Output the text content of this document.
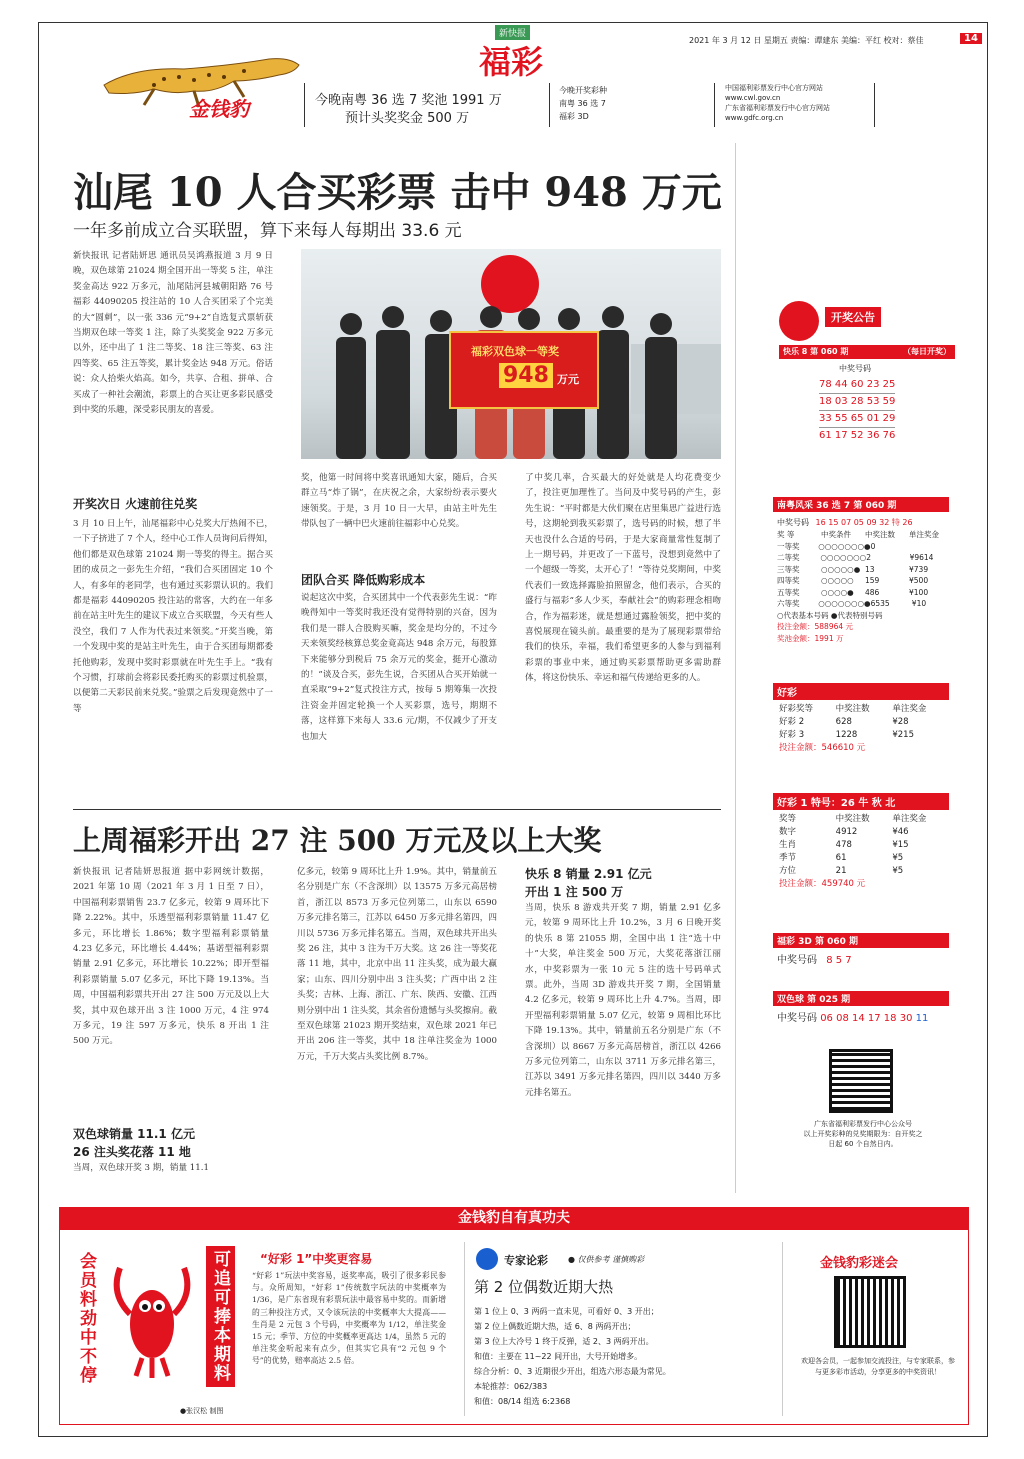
金钱豹
新快报
福彩
今晚南粤 36 选 7 奖池 1991 万
预计头奖奖金 500 万
今晚开奖彩种
南粤 36 选 7
福彩 3D
中国福利彩票发行中心官方网站
www.cwl.gov.cn
广东省福利彩票发行中心官方网站
www.gdfc.org.cn
2021 年 3 月 12 日 星期五 责编：谭建东 美编：平红 校对：蔡佳	14
汕尾 10 人合买彩票 击中 948 万元
一年多前成立合买联盟，算下来每人每期出 33.6 元
新快报讯 记者陆妍思 通讯员吴鸿燕报道 3 月 9 日晚，双色球第 21024 期全国开出一等奖 5 注，单注奖金高达 922 万多元，汕尾陆河县城朝阳路 76 号福彩 44090205 投注站的 10 人合买团采了个完美的大“圆刺”，以一张 336 元“9+2”自选复式票斩获当期双色球一等奖 1 注，除了头奖奖金 922 万多元以外，还中出了 1 注二等奖、18 注三等奖、63 注四等奖、65 注五等奖，累计奖金达 948 万元。俗话说：众人拾柴火焰高。如今，共享、合租、拼单、合买成了一种社会潮流，彩票上的合买让更多彩民感受到中奖的乐趣，深受彩民朋友的喜爱。
开奖次日 火速前往兑奖
3 月 10 日上午，汕尾福彩中心兑奖大厅热闹不已，一下子挤进了 7 个人，经中心工作人员询问后得知，他们都是双色球第 21024 期一等奖的得主。据合买团的成员之一彭先生介绍，“我们合买团固定 10 个人，有多年的老同学，也有通过买彩票认识的。我们都是福彩 44090205 投注站的常客，大约在一年多前在站主叶先生的建议下成立合买联盟，今天有些人没空，我们 7 人作为代表过来领奖。”开奖当晚，第一个发现中奖的是站主叶先生，由于合买团每期都委托他购彩，发现中奖时彩票就在叶先生手上。“我有个习惯，打球前会将彩民委托购买的彩票过机验票，以便第二天彩民前来兑奖。”验票之后发现竟然中了一等
福彩双色球一等奖
948 万元
奖，他第一时间将中奖喜讯通知大家，随后，合买群立马“炸了锅”，在庆祝之余，大家纷纷表示要火速领奖。于是，3 月 10 日一大早，由站主叶先生带队包了一辆中巴火速前往福彩中心兑奖。
团队合买 降低购彩成本
说起这次中奖，合买团其中一个代表彭先生说：“昨晚得知中一等奖时我还没有觉得特别的兴奋，因为我们是一群人合股购买嘛，奖金是均分的，不过今天来领奖经核算总奖金竟高达 948 余万元，每股算下来能够分到税后 75 余万元的奖金，挺开心激动的！”谈及合买，彭先生说，合买团从合买开始就一直采取“9+2”复式投注方式，按每 5 期筹集一次投注资金并固定轮换一个人买彩票，选号，期期不落，这样算下来每人 33.6 元/期，不仅减少了开支也加大
了中奖几率，合买最大的好处就是人均花费变少了，投注更加理性了。当问及中奖号码的产生，彭先生说：“平时都是大伙们聚在店里集思广益进行选号，这期轮到我买彩票了，选号码的时候，想了半天也没什么合适的号码，于是大家商量常性复制了上一期号码，并更改了一下蓝号，没想到竟然中了一个超级一等奖，太开心了！”等待兑奖期间，中奖代表们一致选择露脸拍照留念，他们表示，合买的盛行与福彩“多人少买，奉献社会”的购彩理念相吻合，作为福彩迷，就是想通过露脸领奖，把中奖的喜悦展现在镜头前。最重要的是为了展现彩票带给我们的快乐，幸福，我们希望更多的人参与到福利彩票的事业中来，通过购买彩票帮助更多需助群体，将这份快乐、幸运和福气传递给更多的人。
上周福彩开出 27 注 500 万元及以上大奖
新快报讯 记者陆妍思报道 据中彩网统计数据，2021 年第 10 周（2021 年 3 月 1 日至 7 日），中国福利彩票销售 23.7 亿多元，较第 9 周环比下降 2.22%。其中，乐透型福利彩票销量 11.47 亿多元，环比增长 1.86%；数字型福利彩票销量 4.23 亿多元，环比增长 4.44%；基诺型福利彩票销量 2.91 亿多元，环比增长 10.22%；即开型福利彩票销量 5.07 亿多元，环比下降 19.13%。当周，中国福利彩票共开出 27 注 500 万元及以上大奖，其中双色球开出 3 注 1000 万元，4 注 974 万多元，19 注 597 万多元，快乐 8 开出 1 注 500 万元。
双色球销量 11.1 亿元
26 注头奖花落 11 地
当周，双色球开奖 3 期，销量 11.1
亿多元，较第 9 周环比上升 1.9%。其中，销量前五名分别是广东（不含深圳）以 13575 万多元高居榜首，浙江以 8573 万多元位列第二，山东以 6590 万多元排名第三，江苏以 6450 万多元排名第四，四川以 5736 万多元排名第五。当周，双色球共开出头奖 26 注，其中 3 注为千万大奖。这 26 注一等奖花落 11 地，其中，北京中出 11 注头奖，成为最大赢家；山东、四川分别中出 3 注头奖；广西中出 2 注头奖；吉林、上海、浙江、广东、陕西、安徽、江西则分别中出 1 注头奖，其余省份遗憾与头奖擦肩。截至双色球第 21023 期开奖结束，双色球 2021 年已开出 206 注一等奖，其中 18 注单注奖金为 1000 万元，千万大奖占头奖比例 8.7%。
快乐 8 销量 2.91 亿元
开出 1 注 500 万
当周，快乐 8 游戏共开奖 7 期，销量 2.91 亿多元，较第 9 周环比上升 10.2%，3 月 6 日晚开奖的快乐 8 第 21055 期，全国中出 1 注“选十中十”大奖，单注奖金 500 万元，大奖花落浙江丽水，中奖彩票为一张 10 元 5 注的选十号码单式票。此外，当周 3D 游戏共开奖 7 期，全国销量 4.2 亿多元，较第 9 周环比上升 4.7%。当周，即开型福利彩票销量 5.07 亿元，较第 9 周相比环比下降 19.13%。其中，销量前五名分别是广东（不含深圳）以 8667 万多元高居榜首，浙江以 4266 万多元位列第二，山东以 3711 万多元排名第三，江苏以 3491 万多元排名第四，四川以 3440 万多元排名第五。
开奖公告
快乐 8 第 060 期	（每日开奖）
中奖号码
78 44 60 23 25
18 03 28 53 59
33 55 65 01 29
61 17 52 36 76
南粤风采 36 选 7 第 060 期
中奖号码 16 15 07 05 09 32 特 26
奖 等	中奖条件	中奖注数	单注奖金
一等奖	○○○○○○○● 0
二等奖	○○○○○○○ 2	¥9614
三等奖	○○○○○● 13	¥739
四等奖	○○○○○	159	¥500
五等奖	○○○○●	486	¥100
六等奖	○○○○○○○● 6535	¥10
○代表基本号码 ●代表特别号码
投注金额：588964 元
奖池金额：1991 万
好彩
好彩奖等	中奖注数	单注奖金
好彩 2	628	¥28
好彩 3	1228	¥215
投注金额：546610 元
好彩 1 特号：26 牛 秋 北
奖等	中奖注数	单注奖金
数字	4912	¥46
生肖	478	¥15
季节	61	¥5
方位	21	¥5
投注金额：459740 元
福彩 3D 第 060 期
中奖号码 8 5 7
双色球 第 025 期
中奖号码 06 08 14 17 18 30 11
广东省福利彩票发行中心公众号
以上开奖彩种的兑奖期限为：自开奖之日起 60 个自然日内。
金钱豹自有真功夫
会员料劲中不停	可追可捧本期料
●张汉松 制图
“好彩 1”中奖更容易
“好彩 1”玩法中奖容易，返奖率高，吸引了很多彩民参与。众所周知，“好彩 1”传统数字玩法的中奖概率为 1/36，是广东省现有彩票玩法中最容易中奖的。而新增的三种投注方式，又令该玩法的中奖概率大大提高——生肖是 2 元包 3 个号码，中奖概率为 1/12，单注奖金 15 元；季节、方位的中奖概率更高达 1/4，虽然 5 元的单注奖金听起来有点少，但其实它具有“2 元包 9 个号”的优势，赔率高达 2.5 倍。
专家论彩	● 仅供参考 谨慎购彩
第 2 位偶数近期大热
第 1 位上 0、3 两码一直未见，可看好 0、3 开出；
第 2 位上偶数近期大热，适 6、8 两码开出；
第 3 位上大冷号 1 终于反弹，适 2、3 两码开出。
和值：主要在 11~22 间开出，大号开始增多。
综合分析：0、3 近期很少开出，组选六形态最为常见。
本轮推荐：062/383
和值：08/14 组选 6:2368
金钱豹彩迷会
欢迎各会员，一起参加交流投注，与专家联系，参与更多彩市活动，分享更多的中奖资讯！
